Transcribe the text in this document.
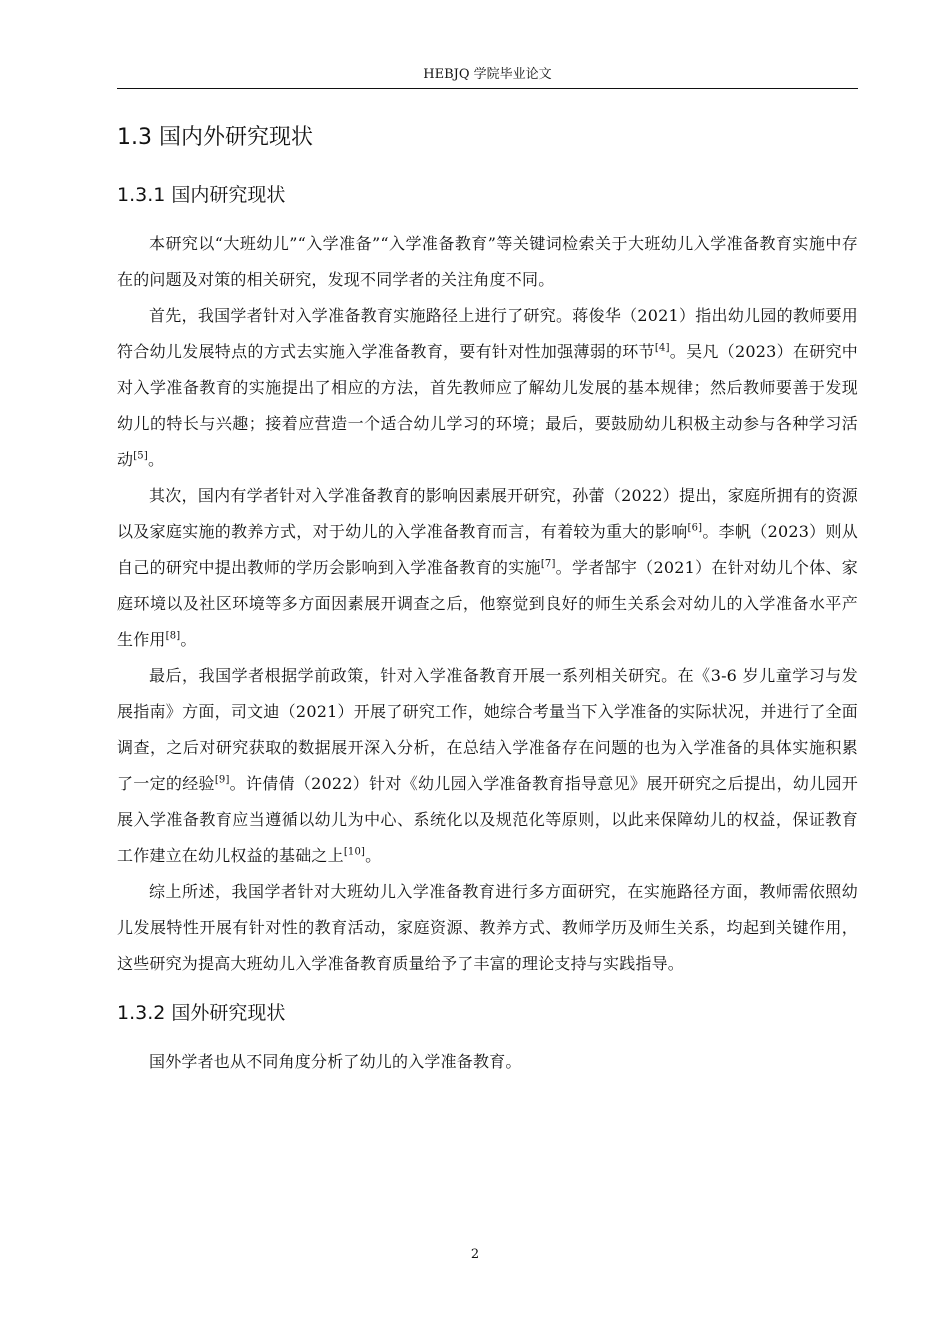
HEBJQ 学院毕业论文
1.3 国内外研究现状
1.3.1 国内研究现状

本研究以“大班幼儿”“入学准备”“入学准备教育”等关键词检索关于大班幼儿入学准备教育实施中存在的问题及对策的相关研究，发现不同学者的关注角度不同。

首先，我国学者针对入学准备教育实施路径上进行了研究。蒋俊华（2021）指出幼儿园的教师要用符合幼儿发展特点的方式去实施入学准备教育，要有针对性加强薄弱的环节[4]。吴凡（2023）在研究中对入学准备教育的实施提出了相应的方法，首先教师应了解幼儿发展的基本规律；然后教师要善于发现幼儿的特长与兴趣；接着应营造一个适合幼儿学习的环境；最后，要鼓励幼儿积极主动参与各种学习活动[5]。

其次，国内有学者针对入学准备教育的影响因素展开研究，孙蕾（2022）提出，家庭所拥有的资源以及家庭实施的教养方式，对于幼儿的入学准备教育而言，有着较为重大的影响[6]。李帆（2023）则从自己的研究中提出教师的学历会影响到入学准备教育的实施[7]。学者郜宇（2021）在针对幼儿个体、家庭环境以及社区环境等多方面因素展开调查之后，他察觉到良好的师生关系会对幼儿的入学准备水平产生作用[8]。

最后，我国学者根据学前政策，针对入学准备教育开展一系列相关研究。在《3-6 岁儿童学习与发展指南》方面，司文迪（2021）开展了研究工作，她综合考量当下入学准备的实际状况，并进行了全面调查，之后对研究获取的数据展开深入分析，在总结入学准备存在问题的也为入学准备的具体实施积累了一定的经验[9]。许倩倩（2022）针对《幼儿园入学准备教育指导意见》展开研究之后提出，幼儿园开展入学准备教育应当遵循以幼儿为中心、系统化以及规范化等原则，以此来保障幼儿的权益，保证教育工作建立在幼儿权益的基础之上[10]。

综上所述，我国学者针对大班幼儿入学准备教育进行多方面研究，在实施路径方面，教师需依照幼儿发展特性开展有针对性的教育活动，家庭资源、教养方式、教师学历及师生关系，均起到关键作用，这些研究为提高大班幼儿入学准备教育质量给予了丰富的理论支持与实践指导。

1.3.2 国外研究现状

国外学者也从不同角度分析了幼儿的入学准备教育。

2
